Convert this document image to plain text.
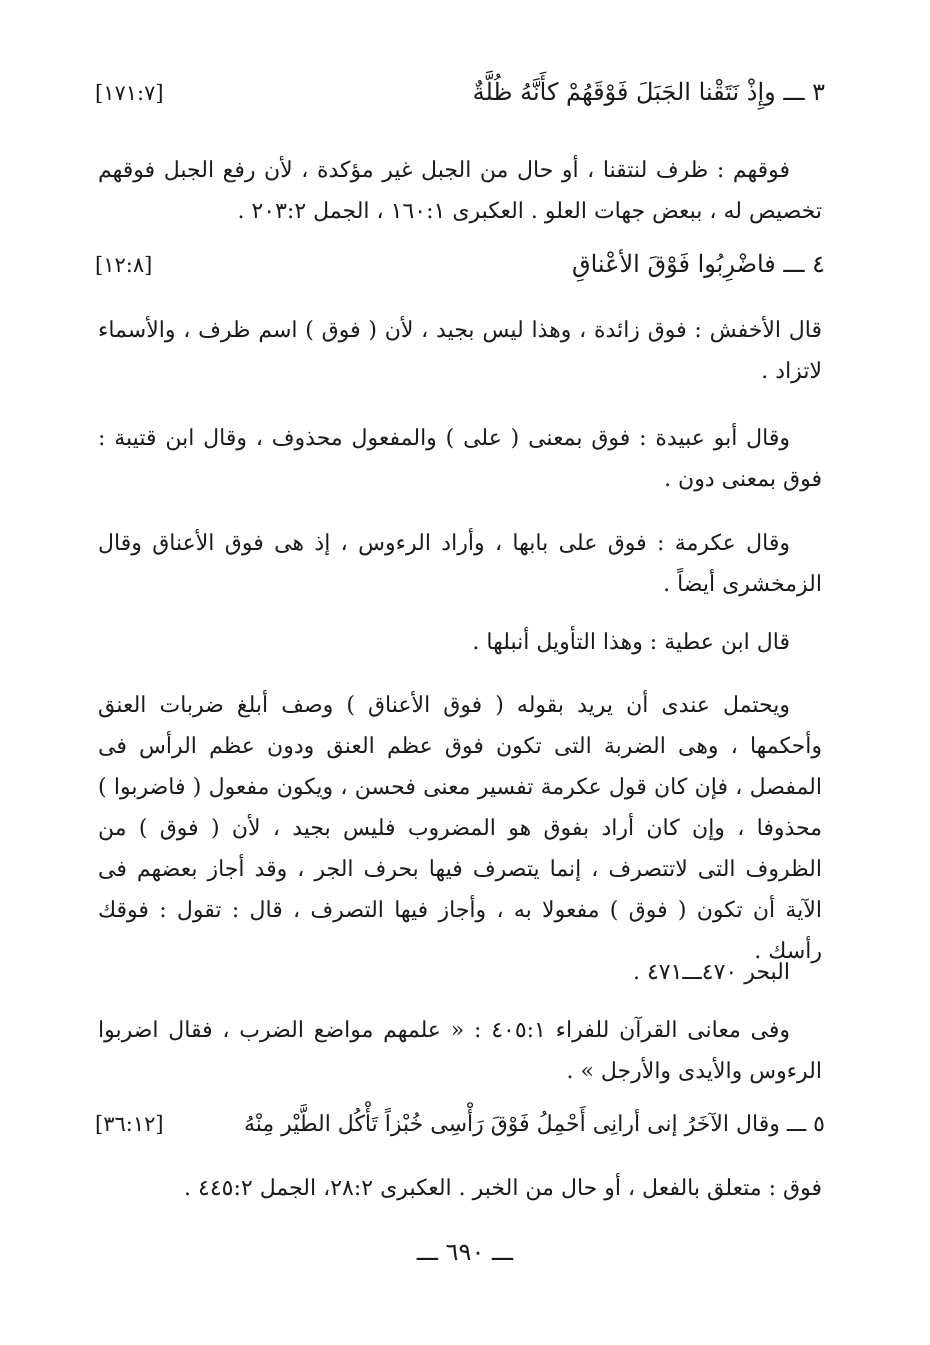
٣ ـــ وإِذْ نَتَقْنا الجَبَلَ فَوْقَهُمْ كأَنَّهُ ظُلَّةٌ
[١٧١:٧]

فوقهم : ظرف لنتقنا ، أو حال من الجبل غير مؤكدة ، لأن رفع الجبل فوقهم تخصيص له ، ببعض جهات العلو . العكبرى ١٦٠:١ ، الجمل ٢٠٣:٢ .

٤ ـــ فاضْرِبُوا فَوْقَ الأعْناقِ
[١٢:٨]

قال الأخفش : فوق زائدة ، وهذا ليس بجيد ، لأن ( فوق ) اسم ظرف ، والأسماء لاتزاد .

وقال أبو عبيدة : فوق بمعنى ( على ) والمفعول محذوف ، وقال ابن قتيبة : فوق بمعنى دون .

وقال عكرمة : فوق على بابها ، وأراد الرءوس ، إذ هى فوق الأعناق وقال الزمخشرى أيضاً .

قال ابن عطية : وهذا التأويل أنبلها .

ويحتمل عندى أن يريد بقوله ( فوق الأعناق ) وصف أبلغ ضربات العنق وأحكمها ، وهى الضربة التى تكون فوق عظم العنق ودون عظم الرأس فى المفصل ، فإن كان قول عكرمة تفسير معنى فحسن ، ويكون مفعول ( فاضربوا ) محذوفا ، وإن كان أراد بفوق هو المضروب فليس بجيد ، لأن ( فوق ) من الظروف التى لاتتصرف ، إنما يتصرف فيها بحرف الجر ، وقد أجاز بعضهم فى الآية أن تكون ( فوق ) مفعولا به ، وأجاز فيها التصرف ، قال : تقول : فوقك رأسك .

البحر ٤٧٠ـــ٤٧١ .

وفى معانى القرآن للفراء ٤٠٥:١ : « علمهم مواضع الضرب ، فقال اضربوا الرءوس والأيدى والأرجل » .

٥ ـــ وقال الآخَرُ إنى أرانِى أَحْمِلُ فَوْقَ رَأْسِى خُبْزاً تَأْكُل الطَّيْر مِنْهُ
[٣٦:١٢]

فوق : متعلق بالفعل ، أو حال من الخبر . العكبرى ٢٨:٢، الجمل ٤٤٥:٢ .

ـــ ٦٩٠ ـــ
